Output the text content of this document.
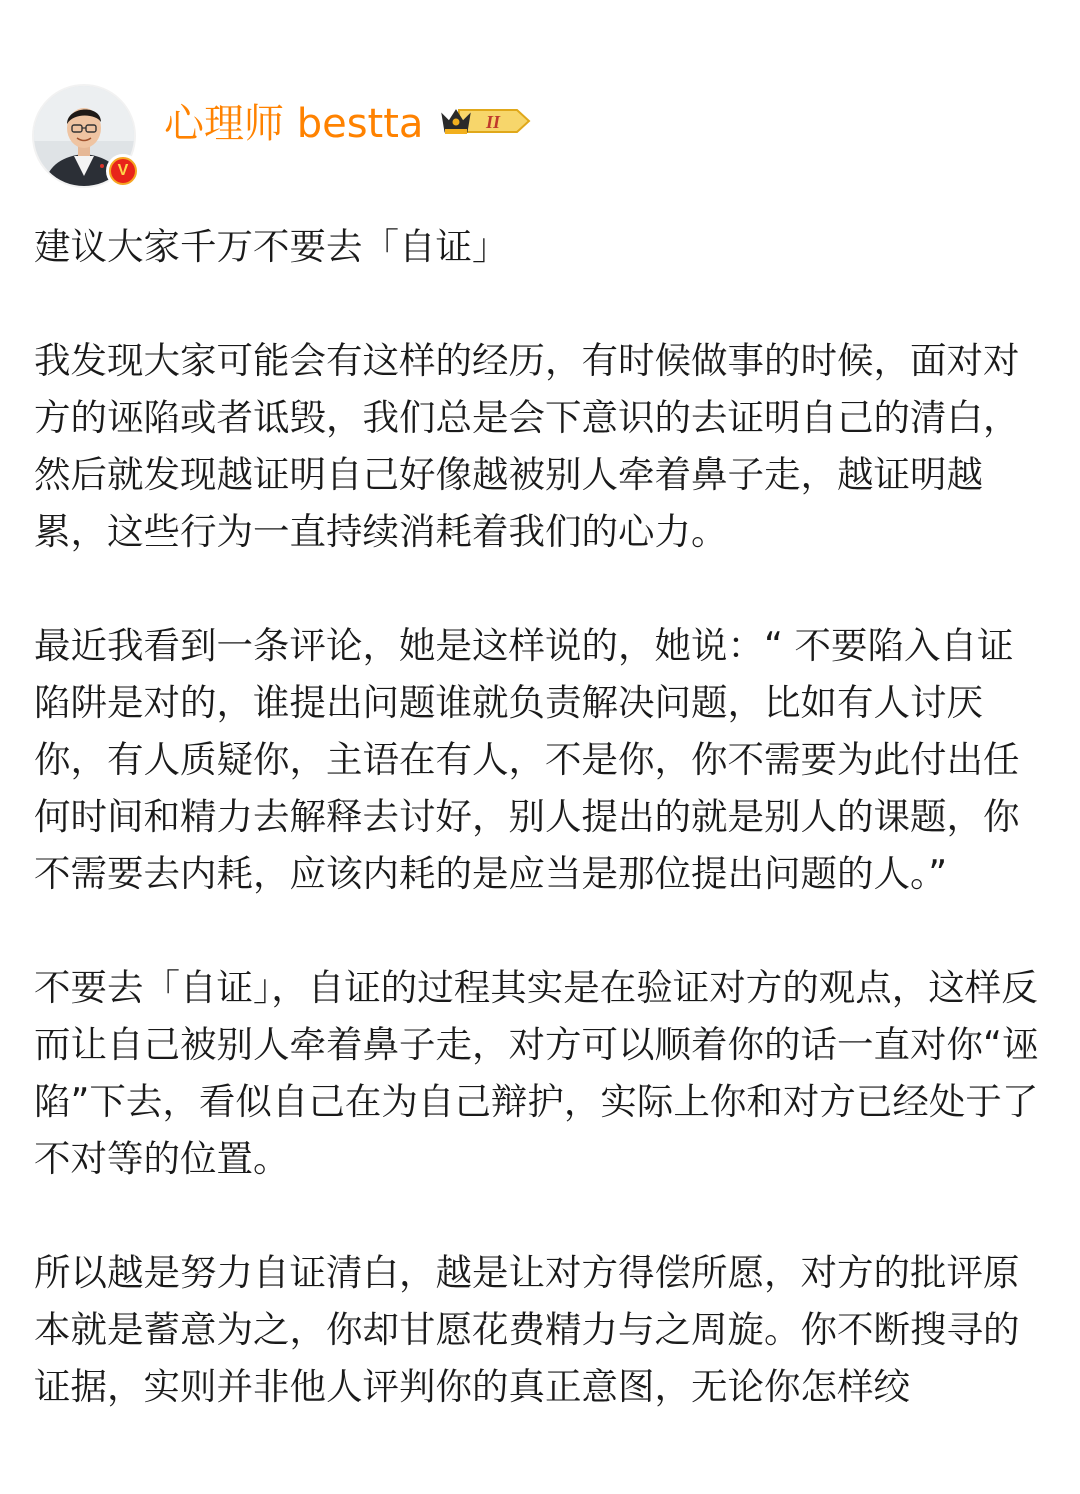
V
心理师 bestta	II

建议大家千万不要去「自证」

我发现大家可能会有这样的经历，有时候做事的时候，面对对方的诬陷或者诋毁，我们总是会下意识的去证明自己的清白，然后就发现越证明自己好像越被别人牵着鼻子走，越证明越累，这些行为一直持续消耗着我们的心力。

最近我看到一条评论，她是这样说的，她说：“ 不要陷入自证陷阱是对的，谁提出问题谁就负责解决问题，比如有人讨厌你，有人质疑你，主语在有人，不是你，你不需要为此付出任何时间和精力去解释去讨好，别人提出的就是别人的课题，你不需要去内耗，应该内耗的是应当是那位提出问题的人。”

不要去「自证」，自证的过程其实是在验证对方的观点，这样反而让自己被别人牵着鼻子走，对方可以顺着你的话一直对你“诬陷”下去，看似自己在为自己辩护，实际上你和对方已经处于了不对等的位置。

所以越是努力自证清白，越是让对方得偿所愿，对方的批评原本就是蓄意为之，你却甘愿花费精力与之周旋。你不断搜寻的证据，实则并非他人评判你的真正意图，无论你怎样绞
